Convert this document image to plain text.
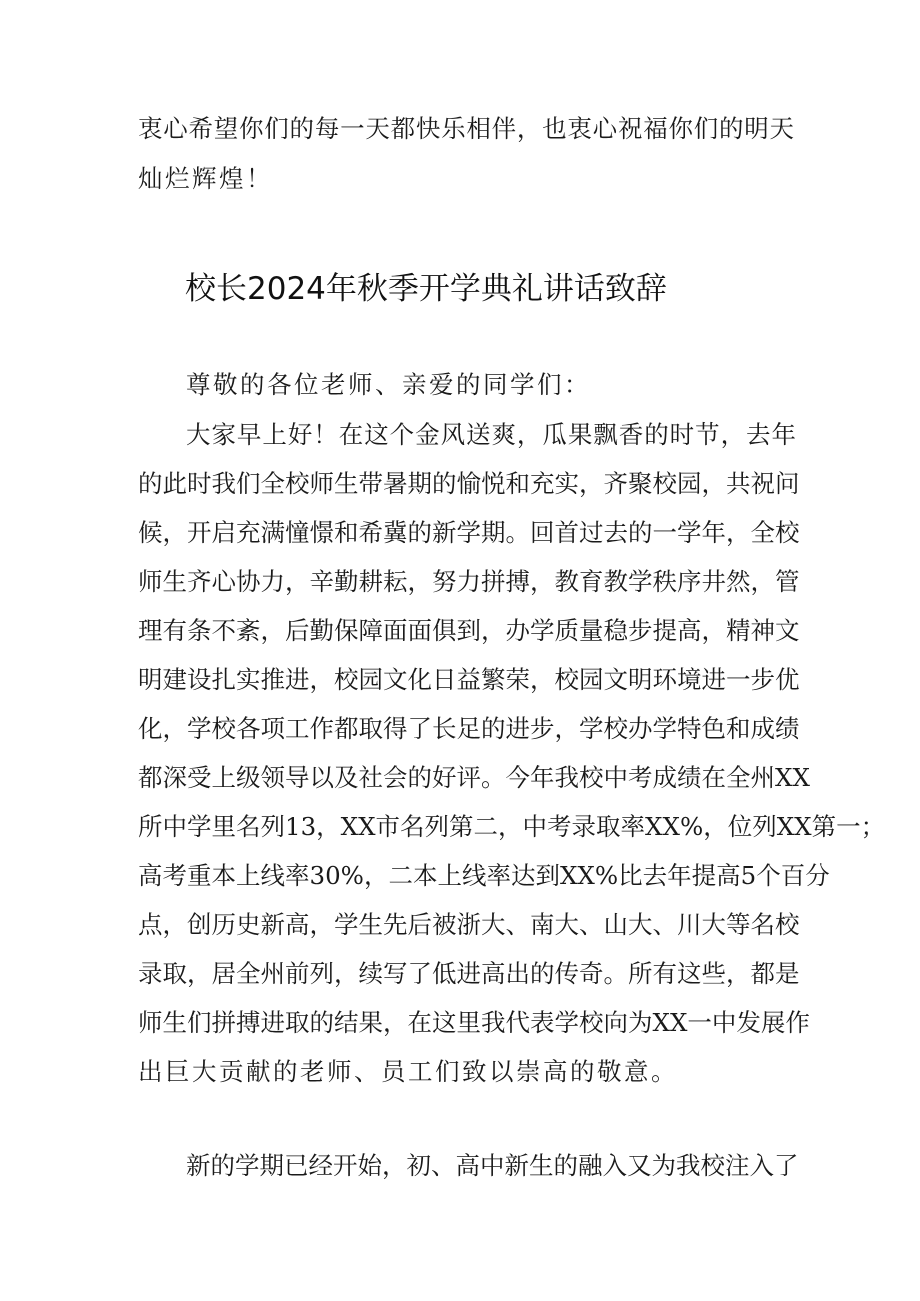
衷心希望你们的每一天都快乐相伴，也衷心祝福你们的明天
灿烂辉煌！
校长2024年秋季开学典礼讲话致辞
尊敬的各位老师、亲爱的同学们：
大家早上好！在这个金风送爽，瓜果飘香的时节，去年
的此时我们全校师生带暑期的愉悦和充实，齐聚校园，共祝问
候，开启充满憧憬和希冀的新学期。回首过去的一学年，全校
师生齐心协力，辛勤耕耘，努力拼搏，教育教学秩序井然，管
理有条不紊，后勤保障面面俱到，办学质量稳步提高，精神文
明建设扎实推进，校园文化日益繁荣，校园文明环境进一步优
化，学校各项工作都取得了长足的进步，学校办学特色和成绩
都深受上级领导以及社会的好评。今年我校中考成绩在全州XX
所中学里名列13，XX市名列第二，中考录取率XX%，位列XX第一；
高考重本上线率30%，二本上线率达到XX%比去年提高5个百分
点，创历史新高，学生先后被浙大、南大、山大、川大等名校
录取，居全州前列，续写了低进高出的传奇。所有这些，都是
师生们拼搏进取的结果，在这里我代表学校向为XX一中发展作
出巨大贡献的老师、员工们致以崇高的敬意。
新的学期已经开始，初、高中新生的融入又为我校注入了
